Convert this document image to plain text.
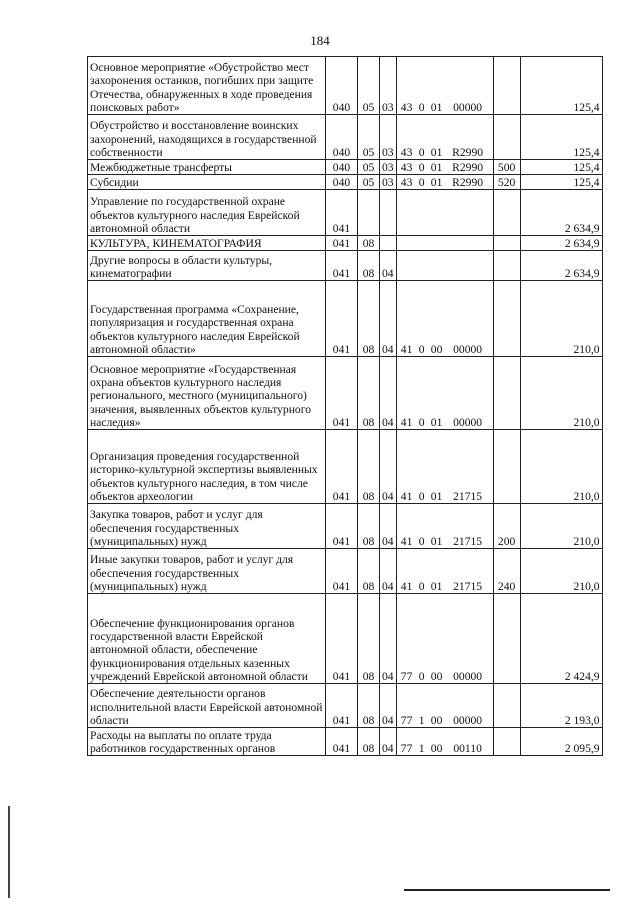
184
Основное мероприятие «Обустройство мест захоронения останков, погибших при защите Отечества, обнаруженных в ходе проведения поисковых работ»	040	05	03	43 0 01 00000		125,4
Обустройство и восстановление воинских захоронений, находящихся в государственной собственности	040	05	03	43 0 01 R2990		125,4
Межбюджетные трансферты	040	05	03	43 0 01 R2990	500	125,4
Субсидии	040	05	03	43 0 01 R2990	520	125,4
Управление по государственной охране объектов культурного наследия Еврейской автономной области	041					2 634,9
КУЛЬТУРА, КИНЕМАТОГРАФИЯ	041	08				2 634,9
Другие вопросы в области культуры, кинематографии	041	08	04			2 634,9
Государственная программа «Сохранение, популяризация и государственная охрана объектов культурного наследия Еврейской автономной области»	041	08	04	41 0 00 00000		210,0
Основное мероприятие «Государственная охрана объектов культурного наследия регионального, местного (муниципального) значения, выявленных объектов культурного наследия»	041	08	04	41 0 01 00000		210,0
Организация проведения государственной историко-культурной экспертизы выявленных объектов культурного наследия, в том числе объектов археологии	041	08	04	41 0 01 21715		210,0
Закупка товаров, работ и услуг для обеспечения государственных (муниципальных) нужд	041	08	04	41 0 01 21715	200	210,0
Иные закупки товаров, работ и услуг для обеспечения государственных (муниципальных) нужд	041	08	04	41 0 01 21715	240	210,0
Обеспечение функционирования органов государственной власти Еврейской автономной области, обеспечение функционирования отдельных казенных учреждений Еврейской автономной области	041	08	04	77 0 00 00000		2 424,9
Обеспечение деятельности органов исполнительной власти Еврейской автономной области	041	08	04	77 1 00 00000		2 193,0
Расходы на выплаты по оплате труда работников государственных органов	041	08	04	77 1 00 00110		2 095,9
